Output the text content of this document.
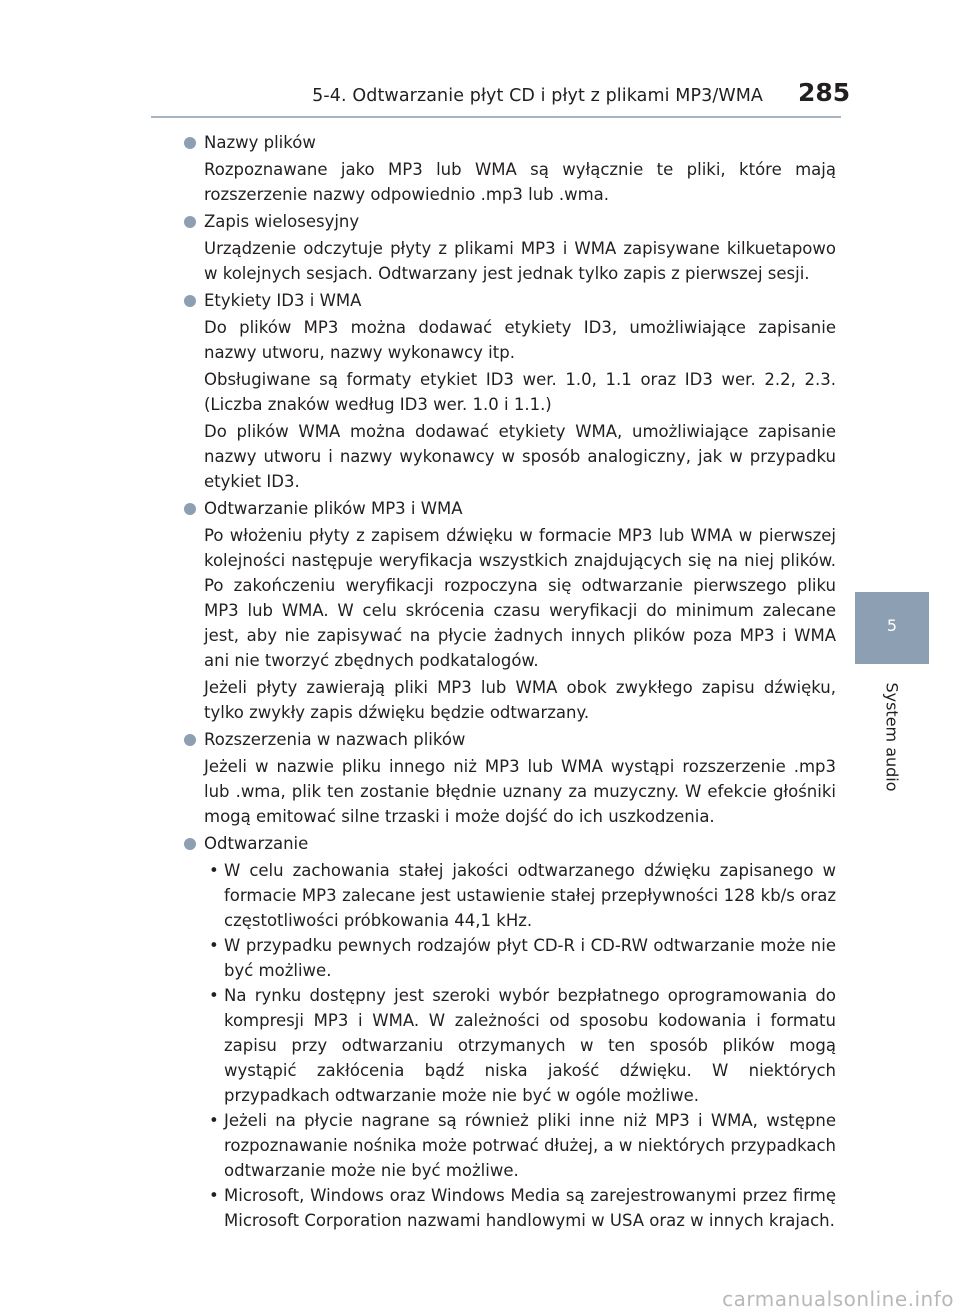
5-4. Odtwarzanie płyt CD i płyt z plikami MP3/WMA 285
5
System audio
Nazwy plików

Rozpoznawane jako MP3 lub WMA są wyłącznie te pliki, które mają rozszerzenie nazwy odpowiednio .mp3 lub .wma.

Zapis wielosesyjny

Urządzenie odczytuje płyty z plikami MP3 i WMA zapisywane kilkuetapowo w kolejnych sesjach. Odtwarzany jest jednak tylko zapis z pierwszej sesji.

Etykiety ID3 i WMA

Do plików MP3 można dodawać etykiety ID3, umożliwiające zapisanie nazwy utworu, nazwy wykonawcy itp.

Obsługiwane są formaty etykiet ID3 wer. 1.0, 1.1 oraz ID3 wer. 2.2, 2.3. (Liczba znaków według ID3 wer. 1.0 i 1.1.)

Do plików WMA można dodawać etykiety WMA, umożliwiające zapisanie nazwy utworu i nazwy wykonawcy w sposób analogiczny, jak w przypadku etykiet ID3.

Odtwarzanie plików MP3 i WMA

Po włożeniu płyty z zapisem dźwięku w formacie MP3 lub WMA w pierwszej kolejności następuje weryfikacja wszystkich znajdujących się na niej plików. Po zakończeniu weryfikacji rozpoczyna się odtwarzanie pierwszego pliku MP3 lub WMA. W celu skrócenia czasu weryfikacji do minimum zalecane jest, aby nie zapisywać na płycie żadnych innych plików poza MP3 i WMA ani nie tworzyć zbędnych podkatalogów.

Jeżeli płyty zawierają pliki MP3 lub WMA obok zwykłego zapisu dźwięku, tylko zwykły zapis dźwięku będzie odtwarzany.

Rozszerzenia w nazwach plików

Jeżeli w nazwie pliku innego niż MP3 lub WMA wystąpi rozszerzenie .mp3 lub .wma, plik ten zostanie błędnie uznany za muzyczny. W efekcie głośniki mogą emitować silne trzaski i może dojść do ich uszkodzenia.

Odtwarzanie
• W celu zachowania stałej jakości odtwarzanego dźwięku zapisanego w formacie MP3 zalecane jest ustawienie stałej przepływności 128 kb/s oraz częstotliwości próbkowania 44,1 kHz.
• W przypadku pewnych rodzajów płyt CD-R i CD-RW odtwarzanie może nie być możliwe.
• Na rynku dostępny jest szeroki wybór bezpłatnego oprogramowania do kompresji MP3 i WMA. W zależności od sposobu kodowania i formatu zapisu przy odtwarzaniu otrzymanych w ten sposób plików mogą wystąpić zakłócenia bądź niska jakość dźwięku. W niektórych przypadkach odtwarzanie może nie być w ogóle możliwe.
• Jeżeli na płycie nagrane są również pliki inne niż MP3 i WMA, wstępne rozpoznawanie nośnika może potrwać dłużej, a w niektórych przypadkach odtwarzanie może nie być możliwe.
• Microsoft, Windows oraz Windows Media są zarejestrowanymi przez firmę Microsoft Corporation nazwami handlowymi w USA oraz w innych krajach.
carmanualsonline.info
